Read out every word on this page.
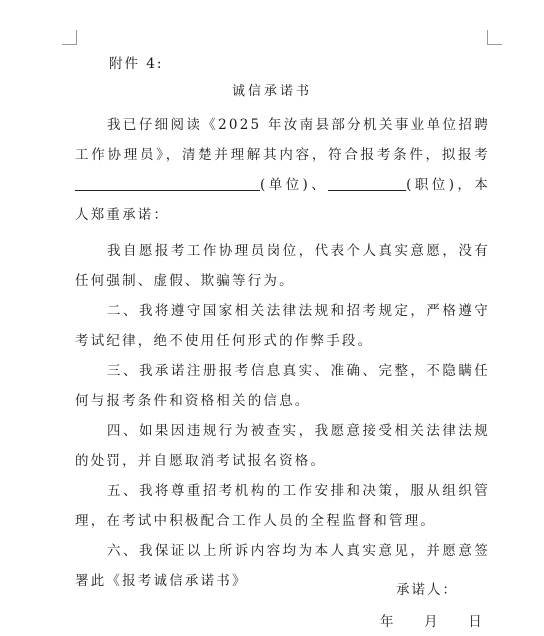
附件 4:
诚信承诺书

我已仔细阅读《2025 年汝南县部分机关事业单位招聘工作协理员》，清楚并理解其内容，符合报考条件，拟报考(单位)、	(职位)，本人郑重承诺：

我自愿报考工作协理员岗位，代表个人真实意愿，没有任何强制、虚假、欺骗等行为。

二、我将遵守国家相关法律法规和招考规定，严格遵守考试纪律，绝不使用任何形式的作弊手段。

三、我承诺注册报考信息真实、准确、完整，不隐瞒任何与报考条件和资格相关的信息。

四、如果因违规行为被查实，我愿意接受相关法律法规的处罚，并自愿取消考试报名资格。

五、我将尊重招考机构的工作安排和决策，服从组织管理，在考试中积极配合工作人员的全程监督和管理。

六、我保证以上所诉内容均为本人真实意见，并愿意签署此《报考诚信承诺书》

承诺人：
年 月 日
